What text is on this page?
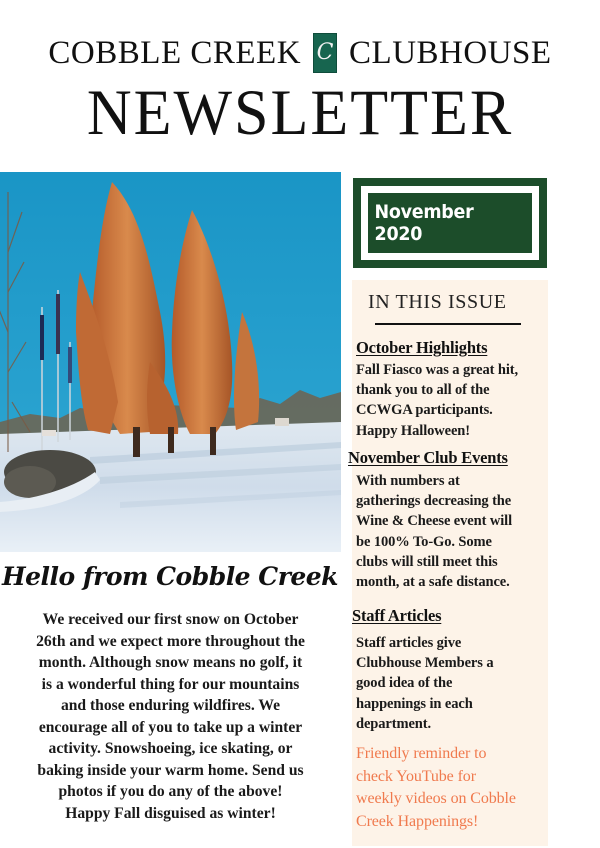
COBBLE CREEK C CLUBHOUSE
NEWSLETTER
November 2020
IN THIS ISSUE
October Highlights
Fall Fiasco was a great hit,
thank you to all of the
CCWGA participants.
Happy Halloween!
November Club Events
With numbers at
gatherings decreasing the
Wine & Cheese event will
be 100% To-Go. Some
clubs will still meet this
month, at a safe distance.
Staff Articles
Staff articles give
Clubhouse Members a
good idea of the
happenings in each
department.
Friendly reminder to
check YouTube for
weekly videos on Cobble
Creek Happenings!
Hello from Cobble Creek
We received our first snow on October
26th and we expect more throughout the
month. Although snow means no golf, it
is a wonderful thing for our mountains
and those enduring wildfires. We
encourage all of you to take up a winter
activity. Snowshoeing, ice skating, or
baking inside your warm home. Send us
photos if you do any of the above!
Happy Fall disguised as winter!
